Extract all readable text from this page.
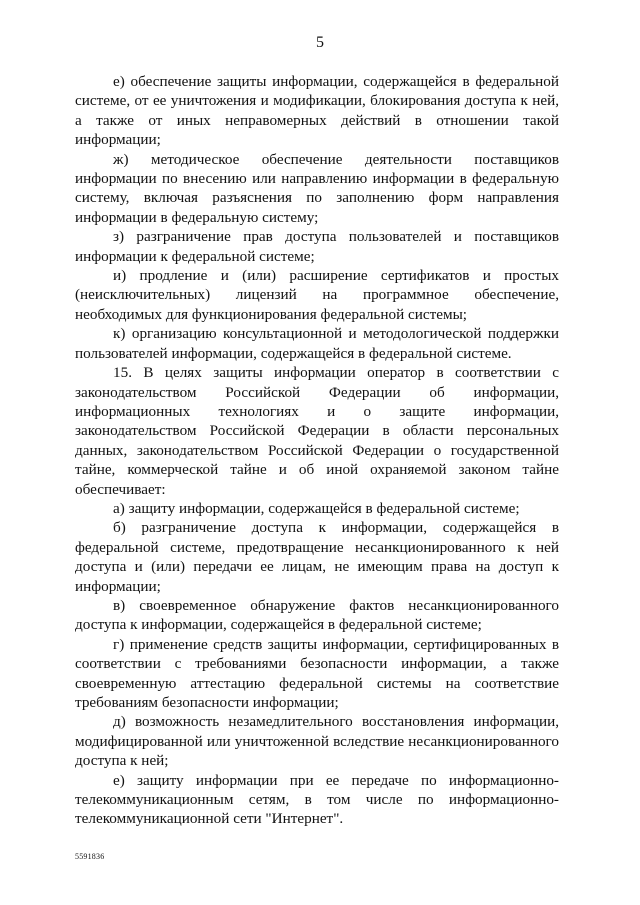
5

е) обеспечение защиты информации, содержащейся в федеральной системе, от ее уничтожения и модификации, блокирования доступа к ней, а также от иных неправомерных действий в отношении такой информации;

ж) методическое обеспечение деятельности поставщиков информации по внесению или направлению информации в федеральную систему, включая разъяснения по заполнению форм направления информации в федеральную систему;

з) разграничение прав доступа пользователей и поставщиков информации к федеральной системе;

и) продление и (или) расширение сертификатов и простых (неисключительных) лицензий на программное обеспечение, необходимых для функционирования федеральной системы;

к) организацию консультационной и методологической поддержки пользователей информации, содержащейся в федеральной системе.

15. В целях защиты информации оператор в соответствии с законодательством Российской Федерации об информации, информационных технологиях и о защите информации, законодательством Российской Федерации в области персональных данных, законодательством Российской Федерации о государственной тайне, коммерческой тайне и об иной охраняемой законом тайне обеспечивает:

а) защиту информации, содержащейся в федеральной системе;

б) разграничение доступа к информации, содержащейся в федеральной системе, предотвращение несанкционированного к ней доступа и (или) передачи ее лицам, не имеющим права на доступ к информации;

в) своевременное обнаружение фактов несанкционированного доступа к информации, содержащейся в федеральной системе;

г) применение средств защиты информации, сертифицированных в соответствии с требованиями безопасности информации, а также своевременную аттестацию федеральной системы на соответствие требованиям безопасности информации;

д) возможность незамедлительного восстановления информации, модифицированной или уничтоженной вследствие несанкционированного доступа к ней;

е) защиту информации при ее передаче по информационно-телекоммуникационным сетям, в том числе по информационно-телекоммуникационной сети "Интернет".

5591836
